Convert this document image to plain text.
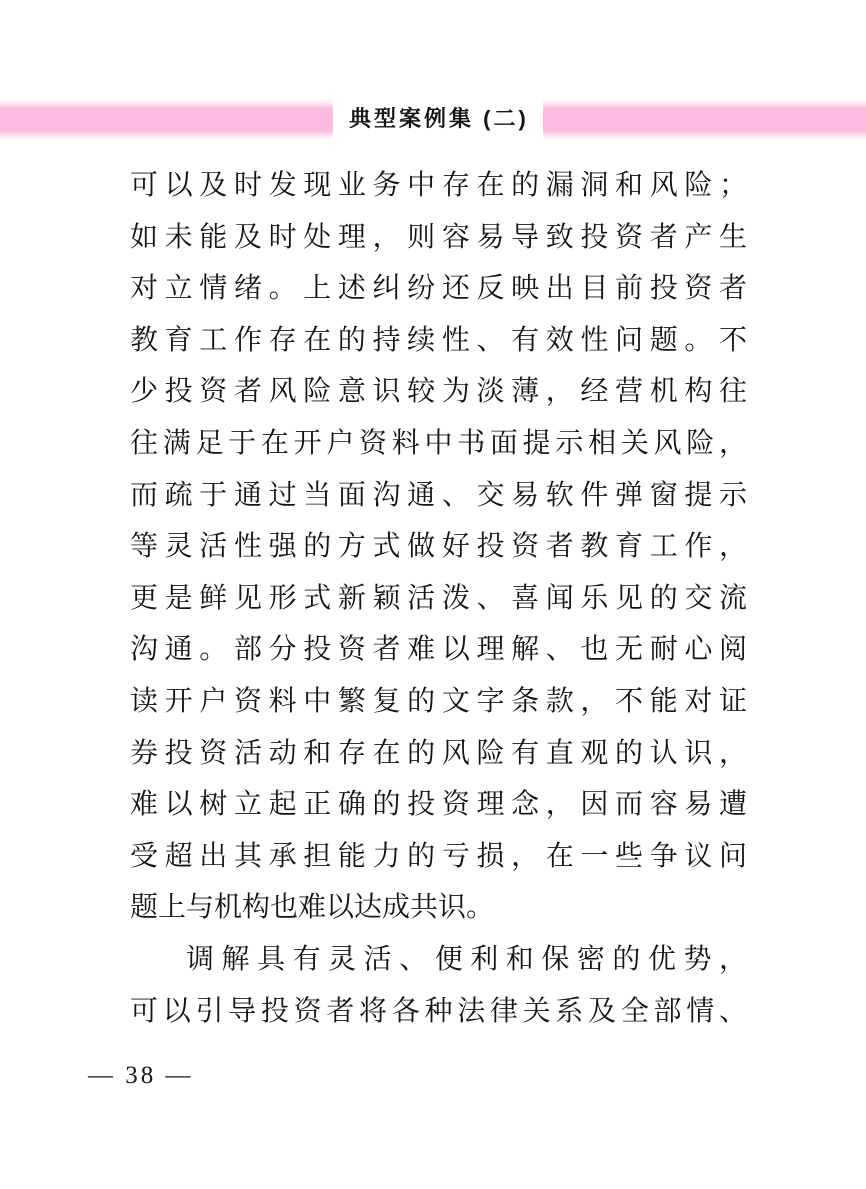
典型案例集 (二)
可以及时发现业务中存在的漏洞和风险；
如未能及时处理，则容易导致投资者产生
对立情绪。上述纠纷还反映出目前投资者
教育工作存在的持续性、有效性问题。不
少投资者风险意识较为淡薄，经营机构往
往满足于在开户资料中书面提示相关风险，
而疏于通过当面沟通、交易软件弹窗提示
等灵活性强的方式做好投资者教育工作，
更是鲜见形式新颖活泼、喜闻乐见的交流
沟通。部分投资者难以理解、也无耐心阅
读开户资料中繁复的文字条款，不能对证
券投资活动和存在的风险有直观的认识，
难以树立起正确的投资理念，因而容易遭
受超出其承担能力的亏损，在一些争议问
题上与机构也难以达成共识。
调解具有灵活、便利和保密的优势，
可以引导投资者将各种法律关系及全部情、
— 38 —
